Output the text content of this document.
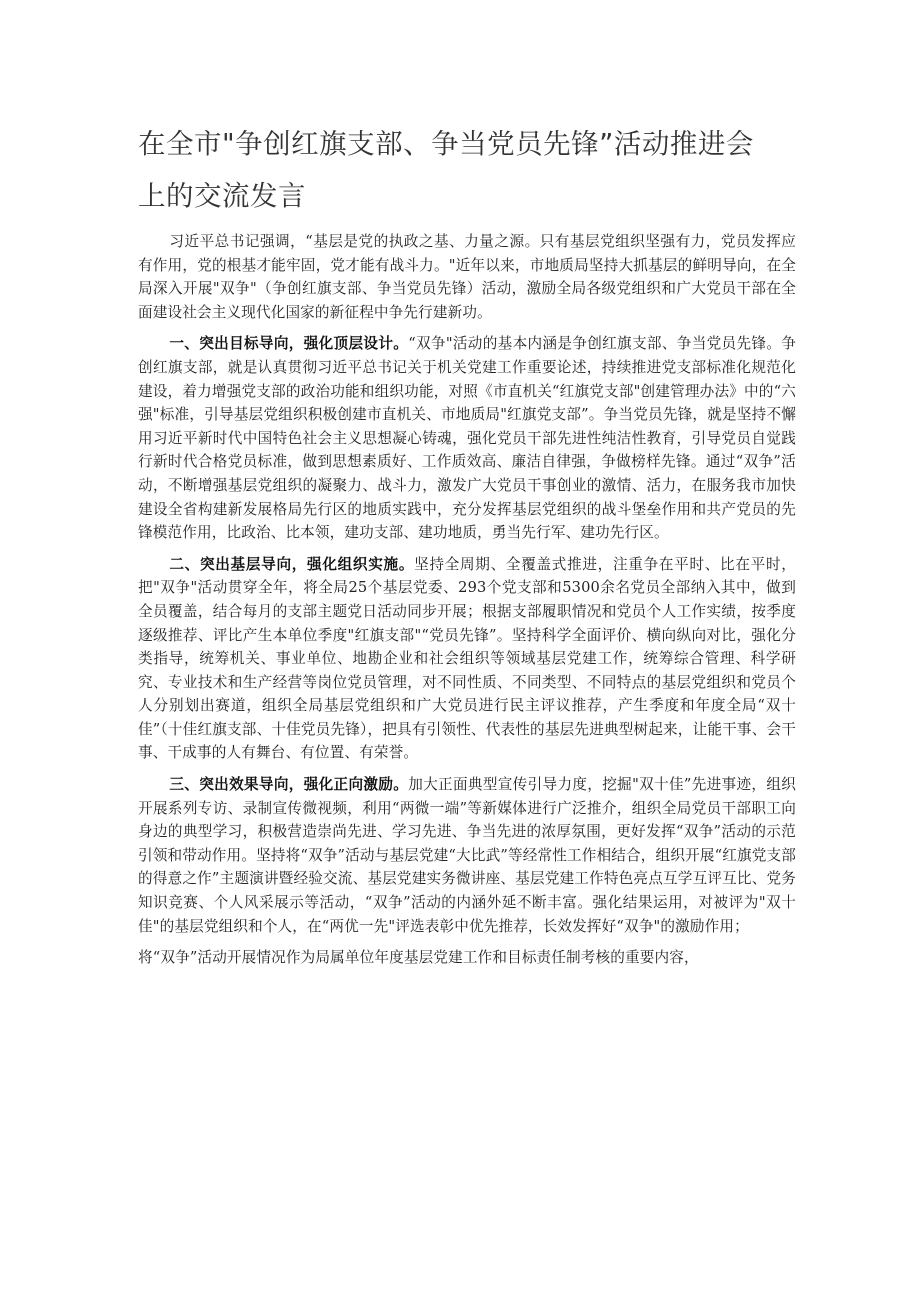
在全市"争创红旗支部、争当党员先锋”活动推进会上的交流发言

习近平总书记强调，“基层是党的执政之基、力量之源。只有基层党组织坚强有力，党员发挥应有作用，党的根基才能牢固，党才能有战斗力。"近年以来，市地质局坚持大抓基层的鲜明导向，在全局深入开展"双争"（争创红旗支部、争当党员先锋）活动，激励全局各级党组织和广大党员干部在全面建设社会主义现代化国家的新征程中争先行建新功。

一、突出目标导向，强化顶层设计。“双争"活动的基本内涵是争创红旗支部、争当党员先锋。争创红旗支部，就是认真贯彻习近平总书记关于机关党建工作重要论述，持续推进党支部标准化规范化建设，着力增强党支部的政治功能和组织功能，对照《市直机关“红旗党支部"创建管理办法》中的“六强"标准，引导基层党组织积极创建市直机关、市地质局"红旗党支部”。争当党员先锋，就是坚持不懈用习近平新时代中国特色社会主义思想凝心铸魂，强化党员干部先进性纯洁性教育，引导党员自觉践行新时代合格党员标准，做到思想素质好、工作质效高、廉洁自律强，争做榜样先锋。通过“双争”活动，不断增强基层党组织的凝聚力、战斗力，激发广大党员干事创业的激情、活力，在服务我市加快建设全省构建新发展格局先行区的地质实践中，充分发挥基层党组织的战斗堡垒作用和共产党员的先锋模范作用，比政治、比本领，建功支部、建功地质，勇当先行军、建功先行区。

二、突出基层导向，强化组织实施。坚持全周期、全覆盖式推进，注重争在平时、比在平时，把"双争"活动贯穿全年，将全局25个基层党委、293个党支部和5300余名党员全部纳入其中，做到全员覆盖，结合每月的支部主题党日活动同步开展；根据支部履职情况和党员个人工作实绩，按季度逐级推荐、评比产生本单位季度"红旗支部"“党员先锋”。坚持科学全面评价、横向纵向对比，强化分类指导，统筹机关、事业单位、地勘企业和社会组织等领域基层党建工作，统筹综合管理、科学研究、专业技术和生产经营等岗位党员管理，对不同性质、不同类型、不同特点的基层党组织和党员个人分别划出赛道，组织全局基层党组织和广大党员进行民主评议推荐，产生季度和年度全局“双十佳”（十佳红旗支部、十佳党员先锋），把具有引领性、代表性的基层先进典型树起来，让能干事、会干事、干成事的人有舞台、有位置、有荣誉。

三、突出效果导向，强化正向激励。加大正面典型宣传引导力度，挖掘"双十佳”先进事迹，组织开展系列专访、录制宣传微视频，利用“两微一端”等新媒体进行广泛推介，组织全局党员干部职工向身边的典型学习，积极营造崇尚先进、学习先进、争当先进的浓厚氛围，更好发挥“双争”活动的示范引领和带动作用。坚持将“双争”活动与基层党建“大比武”等经常性工作相结合，组织开展“红旗党支部的得意之作”主题演讲暨经验交流、基层党建实务微讲座、基层党建工作特色亮点互学互评互比、党务知识竞赛、个人风采展示等活动，“双争”活动的内涵外延不断丰富。强化结果运用，对被评为"双十佳"的基层党组织和个人，在“两优一先"评选表彰中优先推荐，长效发挥好“双争"的激励作用；

将“双争”活动开展情况作为局属单位年度基层党建工作和目标责任制考核的重要内容，
